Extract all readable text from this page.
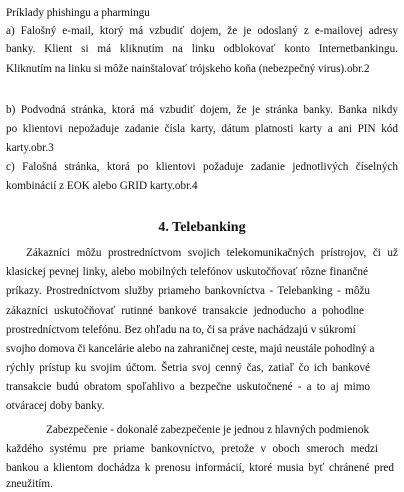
Príklady phishingu a pharmingu
a) Falošný e-mail, ktorý má vzbudiť dojem, že je odoslaný z e-mailovej adresy
banky. Klient si má kliknutím na linku odblokovať konto Internetbankingu.
Kliknutím na linku si môže nainštalovať trójskeho koňa (nebezpečný virus).obr.2
b) Podvodná stránka, ktorá má vzbudiť dojem, že je stránka banky. Banka nikdy
po klientovi nepožaduje zadanie čísla karty, dátum platnosti karty a ani PIN kód
karty.obr.3
c) Falošná stránka, ktorá po klientovi požaduje zadanie jednotlivých číselných
kombinácií z EOK alebo GRID karty.obr.4
4. Telebanking
Zákazníci môžu prostredníctvom svojich telekomunikačných prístrojov, či už
klasickej pevnej linky, alebo mobilných telefónov uskutočňovať rôzne finančné
príkazy. Prostredníctvom služby priameho bankovníctva - Telebanking - môžu
zákazníci uskutočňovať rutinné bankové transakcie jednoducho a pohodlne
prostredníctvom telefónu. Bez ohľadu na to, či sa práve nachádzajú v súkromí
svojho domova či kancelárie alebo na zahraničnej ceste, majú neustále pohodlný a
rýchly prístup ku svojim účtom. Šetria svoj cenný čas, zatiaľ čo ich bankové
transakcie budú obratom spoľahlivo a bezpečne uskutočnené - a to aj mimo
otváracej doby banky.
Zabezpečenie - dokonalé zabezpečenie je jednou z hlavných podmienok
každého systému pre priame bankovníctvo, pretože v oboch smeroch medzi
bankou a klientom dochádza k prenosu informácií, ktoré musia byť chránené pred
zneužitím.
